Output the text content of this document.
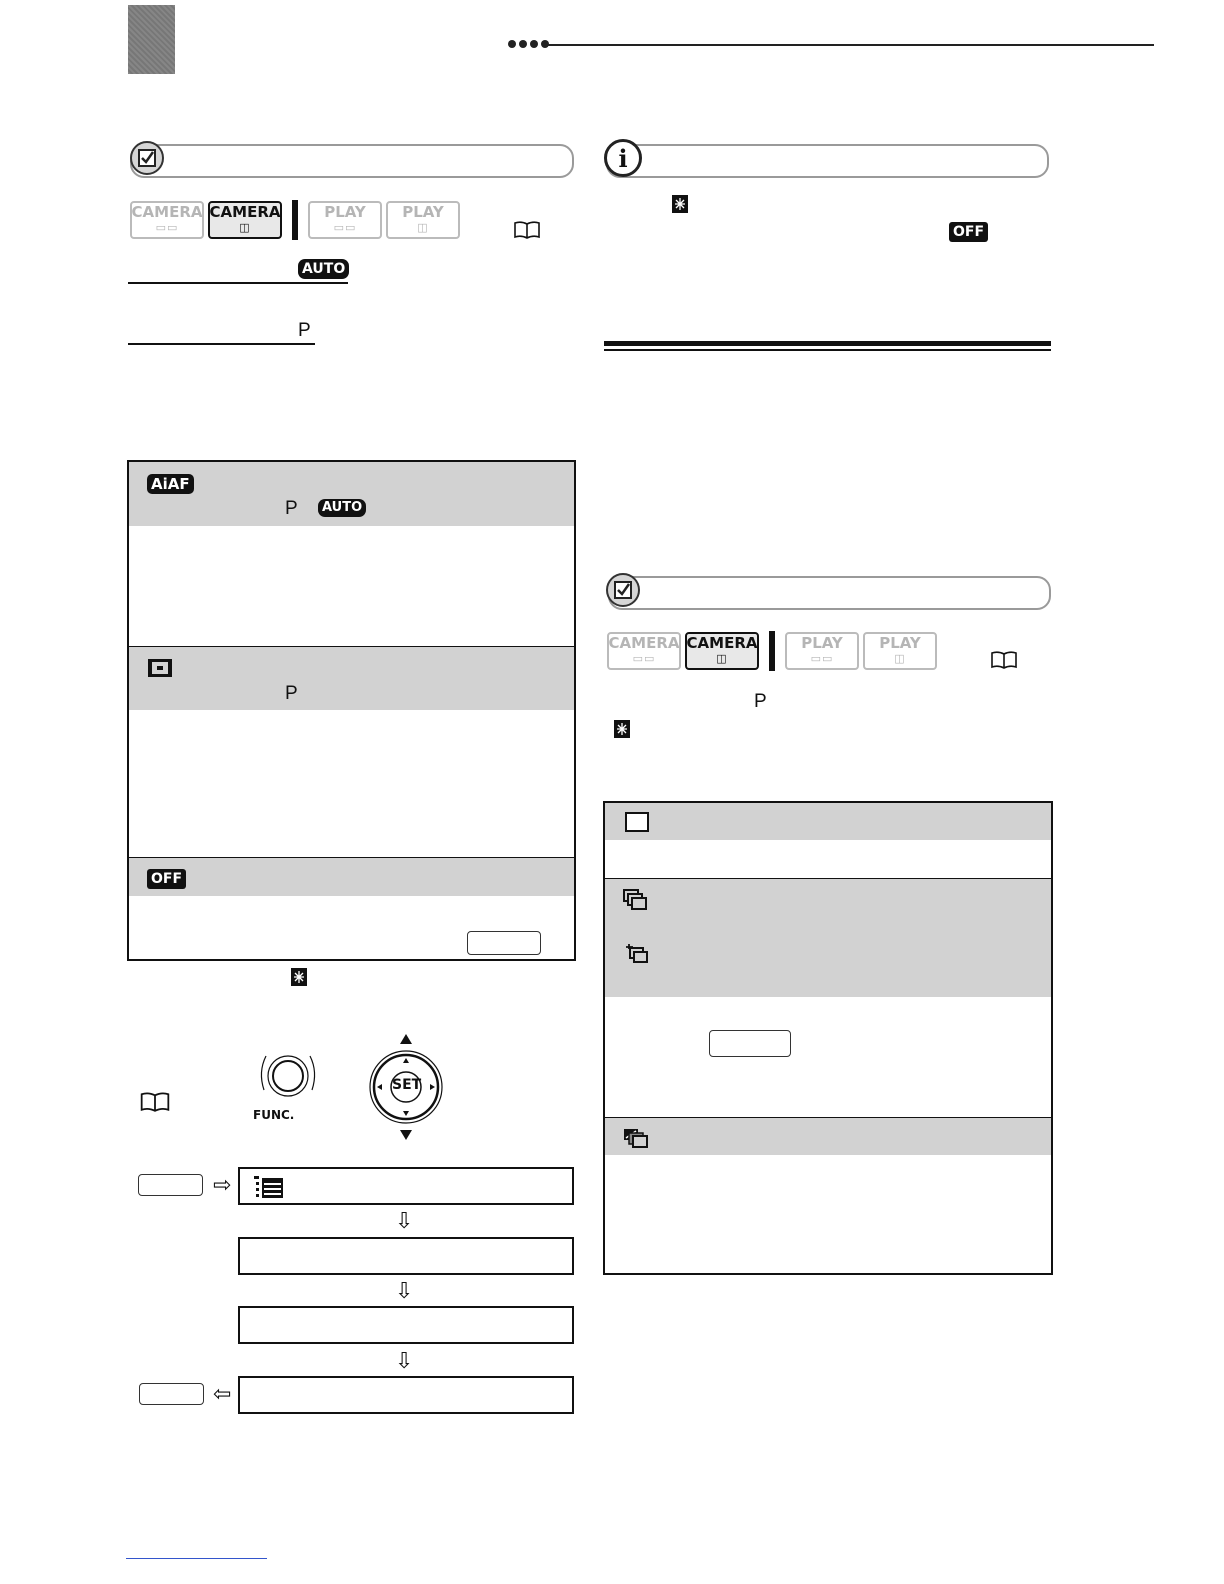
CAMERA
▭▭
CAMERA
◫
PLAY
▭▭
PLAY
◫
AUTO
P
AiAF
P	AUTO
P
OFF
FUNC.
SET
⇨
⇩
⇩
⇩
⇦
i
OFF
CAMERA
▭▭
CAMERA
◫
PLAY
▭▭
PLAY
◫
P
